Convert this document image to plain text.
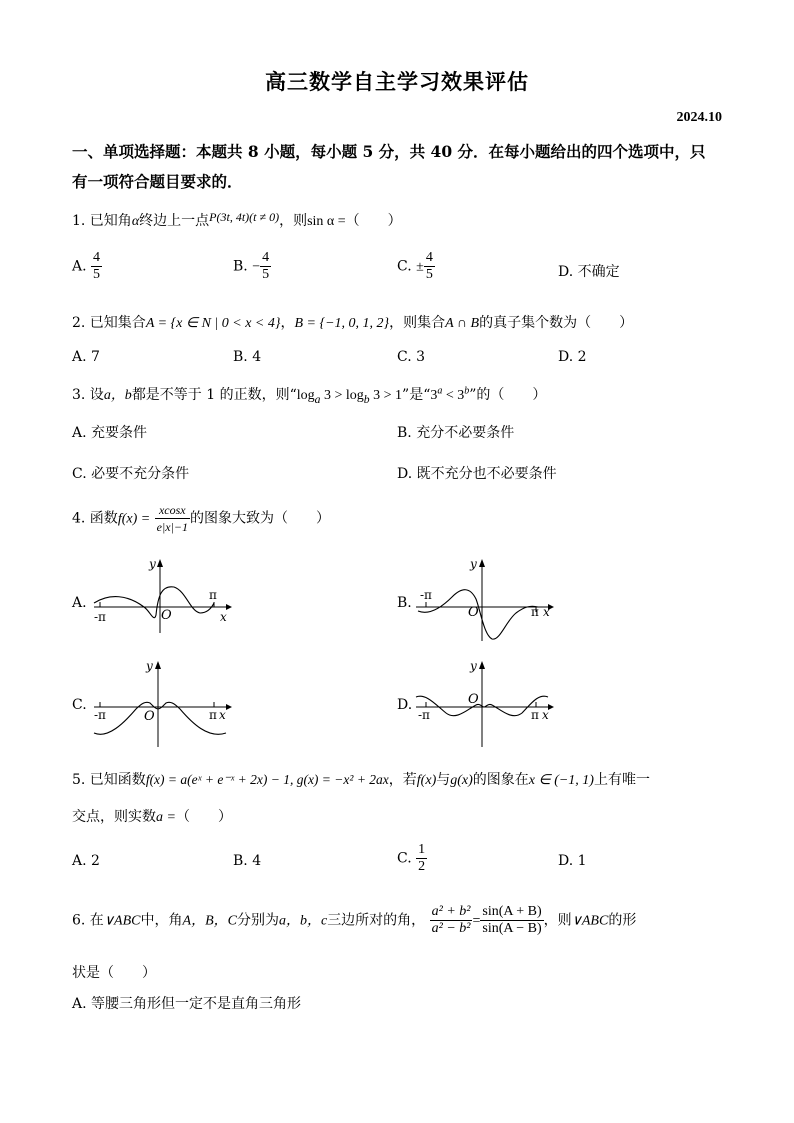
高三数学自主学习效果评估
2024.10
一、单项选择题：本题共 8 小题，每小题 5 分，共 40 分．在每小题给出的四个选项中，只
有一项符合题目要求的．
1. 已知角α终边上一点P(3t, 4t)(t ≠ 0)，则sin α =（　　）
A. $\frac{4}{5}$	B. − $\frac{4}{5}$	C. ± $\frac{4}{5}$	D. 不确定
2. 已知集合A = {x ∈ N | 0 < x < 4}，B = {−1, 0, 1, 2}，则集合A ∩ B的真子集个数为（　　）
A. 7	B. 4	C. 3	D. 2
3. 设a，b都是不等于 1 的正数，则“$\log_a$ $3 > \log_b 3 > 1$”是“$3^a < 3^b$”的（　　）
A. 充要条件	B. 充分不必要条件
C. 必要不充分条件	D. 既不充分也不必要条件
4. 函数$f(x) = \frac{xcosx}{e|x|-1}$ 的图象大致为（　　）
A.
-π
π
O
y
x
B. -π
π
O
y
x
C.
-π	π
O
y
x
D.
-π	π
O
y
x
5. 已知函数f(x) = a(eˣ + e⁻ˣ + 2x) − 1, g(x) = −x² + 2ax，若f(x)与g(x)的图象在x ∈ (−1, 1)上有唯一
交点，则实数a =（　　）
A. 2	B. 4	C. $\frac{1}{2}$	D. 1
6. 在∨ABC中，角A，B，C分别为a，b，c三边所对的角， $\frac{\text{a² + b²}}{\text{a² − b²}} = \frac{\sin(A + B)}{\sin(A - B)}$ ，则∨ABC的形
状是（　　）
A. 等腰三角形但一定不是直角三角形
